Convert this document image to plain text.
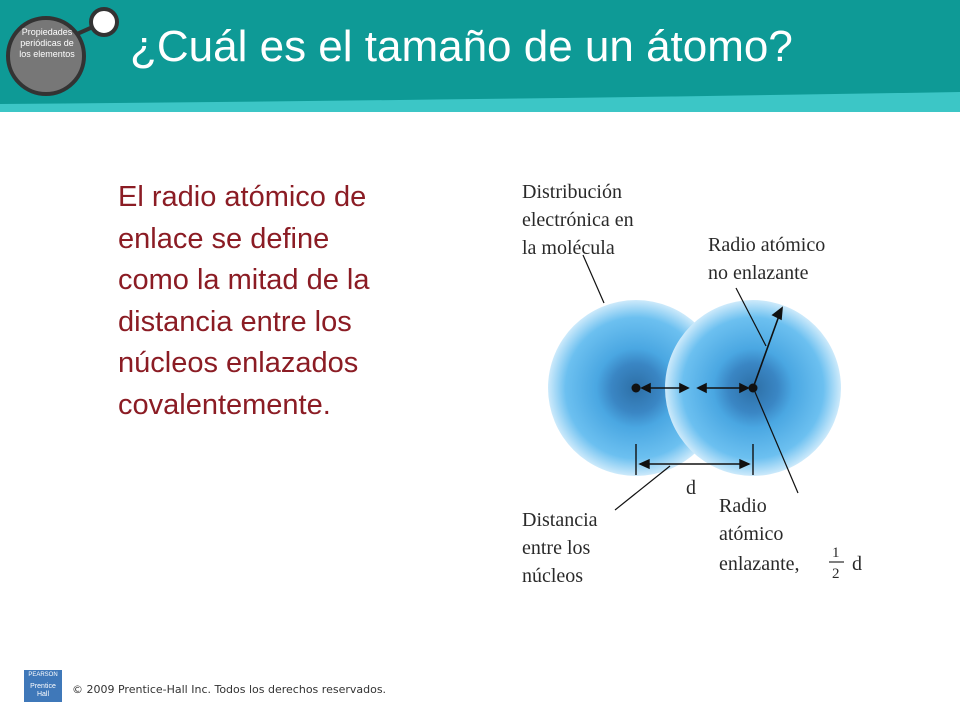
Propiedades
periódicas de
los elementos	¿Cuál es el tamaño de un átomo?
El radio atómico de
enlace se define
como la mitad de la
distancia entre los
núcleos enlazados
covalentemente.
Distribución
electrónica en
la molécula	Radio atómico
no enlazante
d
Distancia
entre los
núcleos
Radio
atómico
enlazante, 1
2 d
PEARSON
Prentice
Hall	© 2009 Prentice-Hall Inc. Todos los derechos reservados.
